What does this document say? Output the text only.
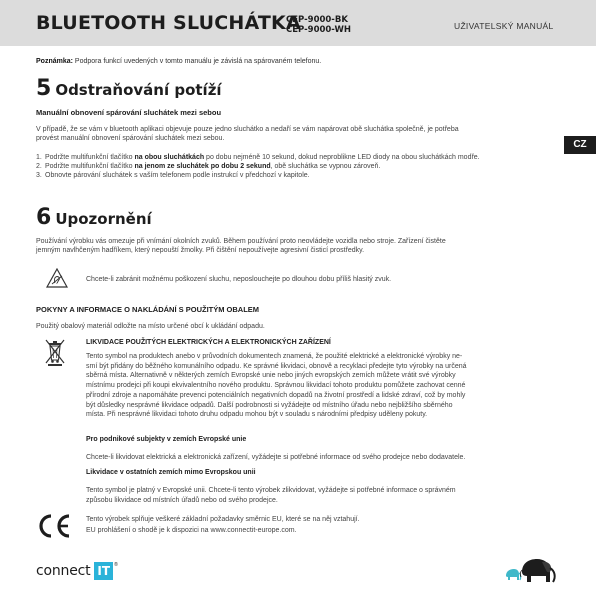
BLUETOOTH SLUCHÁTKA
CEP-9000-BK
CEP-9000-WH	UŽIVATELSKÝ MANUÁL
Poznámka: Podpora funkcí uvedených v tomto manuálu je závislá na spárovaném telefonu.
CZ
5 Odstraňování potíží
Manuální obnovení spárování sluchátek mezi sebou
V případě, že se vám v bluetooth aplikaci objevuje pouze jedno sluchátko a nedaří se vám napárovat obě sluchátka společně, je potřeba
provést manuální obnovení spárování sluchátek mezi sebou.
1. Podržte multifunkční tlačítko na obou sluchátkách po dobu nejméně 10 sekund, dokud neproblikne LED diody na obou sluchátkách modře.
2. Podržte multifunkční tlačítko na jenom ze sluchátek po dobu 2 sekund, obě sluchátka se vypnou zároveň.
3. Obnovte párování sluchátek s vaším telefonem podle instrukcí v předchozí v kapitole.
6 Upozornění
Používání výrobku vás omezuje při vnímání okolních zvuků. Během používání proto neovládejte vozidla nebo stroje. Zařízení čistěte
jemným navlhčeným hadříkem, který nepouští žmolky. Při čištění nepoužívejte agresivní čisticí prostředky.
Chcete-li zabránit možnému poškození sluchu, neposlouchejte po dlouhou dobu příliš hlasitý zvuk.
POKYNY A INFORMACE O NAKLÁDÁNÍ S POUŽITÝM OBALEM
Použitý obalový materiál odložte na místo určené obcí k ukládání odpadu.
LIKVIDACE POUŽITÝCH ELEKTRICKÝCH A ELEKTRONICKÝCH ZAŘÍZENÍ
Tento symbol na produktech anebo v průvodních dokumentech znamená, že použité elektrické a elektronické výrobky ne-
smí být přidány do běžného komunálního odpadu. Ke správné likvidaci, obnově a recyklaci předejte tyto výrobky na určená
sběrná místa. Alternativně v některých zemích Evropské unie nebo jiných evropských zemích můžete vrátit své výrobky
místnímu prodejci při koupi ekvivalentního nového produktu. Správnou likvidací tohoto produktu pomůžete zachovat cenné
přírodní zdroje a napomáháte prevenci potenciálních negativních dopadů na životní prostředí a lidské zdraví, což by mohly
být důsledky nesprávné likvidace odpadů. Další podrobnosti si vyžádejte od místního úřadu nebo nejbližšího sběrného
místa. Při nesprávné likvidaci tohoto druhu odpadu mohou být v souladu s národními předpisy uděleny pokuty.
Pro podnikové subjekty v zemích Evropské unie
Chcete-li likvidovat elektrická a elektronická zařízení, vyžádejte si potřebné informace od svého prodejce nebo dodavatele.
Likvidace v ostatních zemích mimo Evropskou unii
Tento symbol je platný v Evropské unii. Chcete-li tento výrobek zlikvidovat, vyžádejte si potřebné informace o správném
způsobu likvidace od místních úřadů nebo od svého prodejce.
Tento výrobek splňuje veškeré základní požadavky směrnic EU, které se na něj vztahují.
EU prohlášení o shodě je k dispozici na www.connectit-europe.com.
connect IT ®
